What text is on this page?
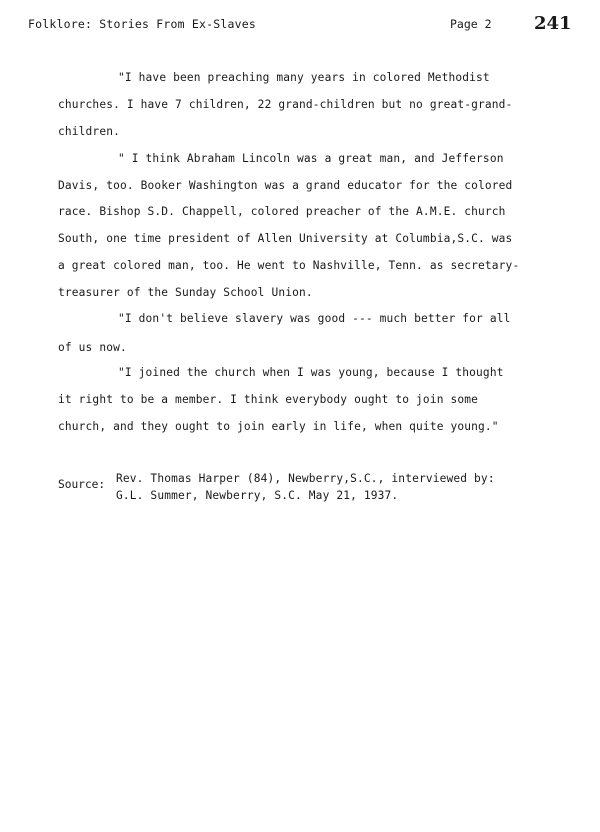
Folklore: Stories From Ex-Slaves	Page 2 241
"I have been preaching many years in colored Methodist
churches. I have 7 children, 22 grand-children but no great-grand-
children.
" I think Abraham Lincoln was a great man, and Jefferson
Davis, too. Booker Washington was a grand educator for the colored
race. Bishop S.D. Chappell, colored preacher of the A.M.E. church
South, one time president of Allen University at Columbia,S.C. was
a great colored man, too. He went to Nashville, Tenn. as secretary-
treasurer of the Sunday School Union.
"I don't believe slavery was good --- much better for all
of us now.
"I joined the church when I was young, because I thought
it right to be a member. I think everybody ought to join some
church, and they ought to join early in life, when quite young."
Source: Rev. Thomas Harper (84), Newberry,S.C., interviewed by:
G.L. Summer, Newberry, S.C. May 21, 1937.
